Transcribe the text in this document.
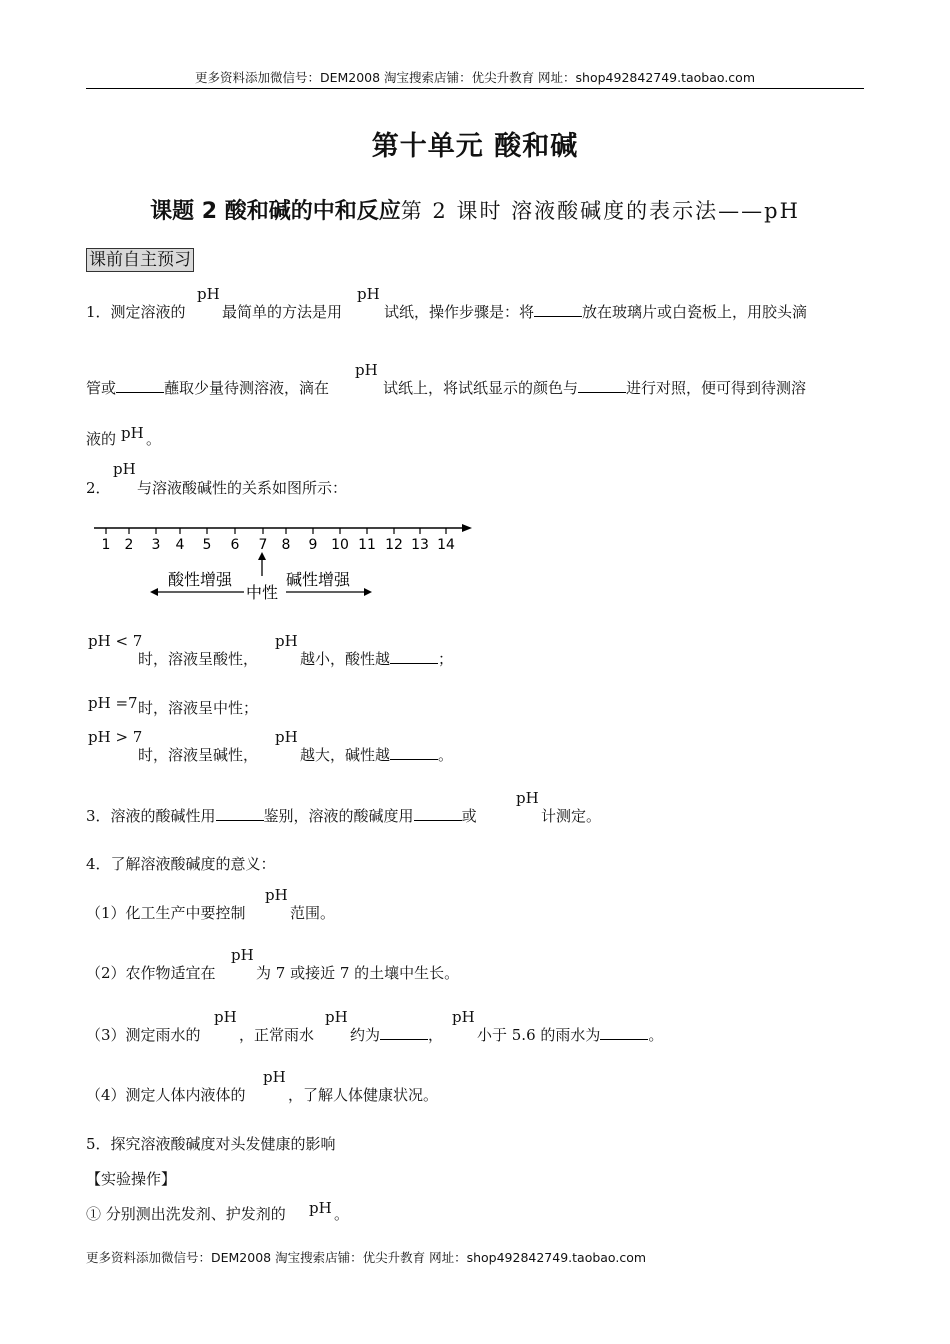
更多资料添加微信号：DEM2008 淘宝搜索店铺：优尖升教育 网址：shop492842749.taobao.com
第十单元 酸和碱
课题 2 酸和碱的中和反应第 2 课时 溶液酸碱度的表示法——pH
课前自主预习
1．测定溶液的
pH
最简单的方法是用
pH
试纸，操作步骤是：将	放在玻璃片或白瓷板上，用胶头滴
管或	蘸取少量待测溶液，滴在
pH
试纸上，将试纸显示的颜色与	进行对照，便可得到待测溶
液的 pH 。
2．
pH
与溶液酸碱性的关系如图所示：
1 2 3 4 5 6 7 8 9 10 11 12 13 14
酸性增强
中性
碱性增强
pH < 7
时，溶液呈酸性，
pH
越小，酸性越	；
pH =7 时，溶液呈中性；
pH > 7
时，溶液呈碱性，
pH
越大，碱性越	。
3．溶液的酸碱性用	鉴别，溶液的酸碱度用	或
pH
计测定。
4．了解溶液酸碱度的意义：
（1）化工生产中要控制
pH
范围。
（2）农作物适宜在
pH
为 7 或接近 7 的土壤中生长。
（3）测定雨水的
pH
，正常雨水
pH
约为	，
pH
小于 5.6 的雨水为	。
（4）测定人体内液体的
pH
，了解人体健康状况。
5．探究溶液酸碱度对头发健康的影响
【实验操作】
① 分别测出洗发剂、护发剂的 pH 。
更多资料添加微信号：DEM2008 淘宝搜索店铺：优尖升教育 网址：shop492842749.taobao.com
